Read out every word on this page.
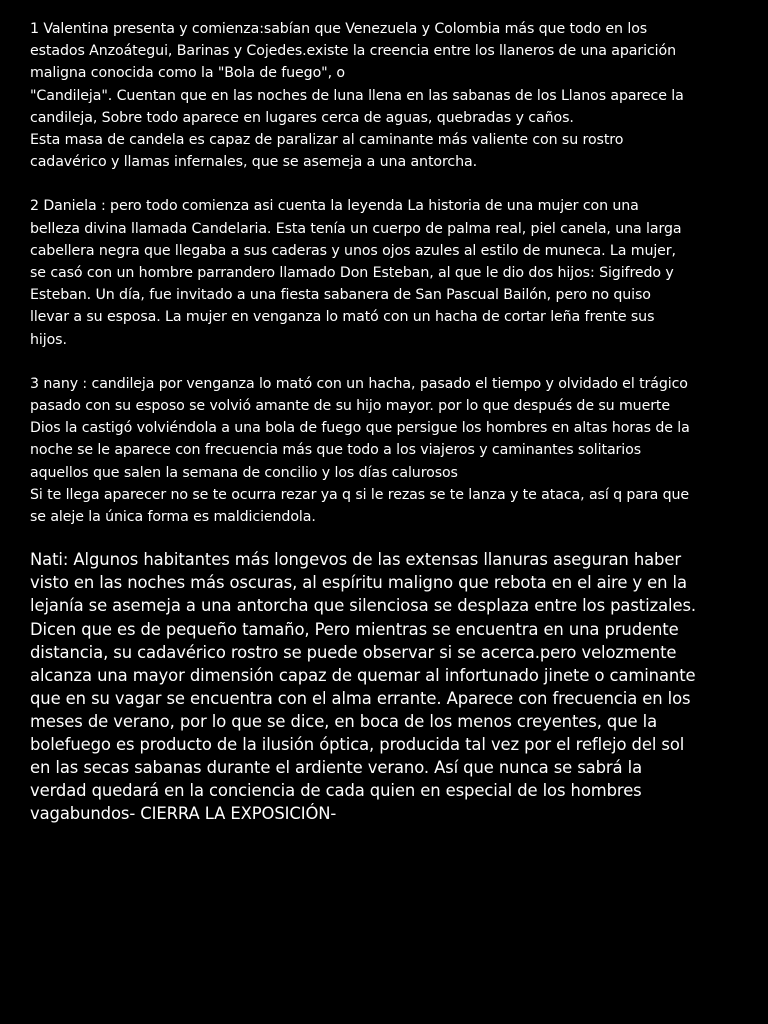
1 Valentina presenta y comienza:sabían que Venezuela y Colombia más que todo en los
estados Anzoátegui, Barinas y Cojedes.existe la creencia entre los llaneros de una aparición
maligna conocida como la "Bola de fuego", o
"Candileja". Cuentan que en las noches de luna llena en las sabanas de los Llanos aparece la
candileja, Sobre todo aparece en lugares cerca de aguas, quebradas y caños.
Esta masa de candela es capaz de paralizar al caminante más valiente con su rostro
cadavérico y llamas infernales, que se asemeja a una antorcha.

2 Daniela : pero todo comienza asi cuenta la leyenda La historia de una mujer con una
belleza divina llamada Candelaria. Esta tenía un cuerpo de palma real, piel canela, una larga
cabellera negra que llegaba a sus caderas y unos ojos azules al estilo de muneca. La mujer,
se casó con un hombre parrandero llamado Don Esteban, al que le dio dos hijos: Sigifredo y
Esteban. Un día, fue invitado a una fiesta sabanera de San Pascual Bailón, pero no quiso
llevar a su esposa. La mujer en venganza lo mató con un hacha de cortar leña frente sus
hijos.

3 nany : candileja por venganza lo mató con un hacha, pasado el tiempo y olvidado el trágico
pasado con su esposo se volvió amante de su hijo mayor. por lo que después de su muerte
Dios la castigó volviéndola a una bola de fuego que persigue los hombres en altas horas de la
noche se le aparece con frecuencia más que todo a los viajeros y caminantes solitarios
aquellos que salen la semana de concilio y los días calurosos
Si te llega aparecer no se te ocurra rezar ya q si le rezas se te lanza y te ataca, así q para que
se aleje la única forma es maldiciendola.

Nati: Algunos habitantes más longevos de las extensas llanuras aseguran haber
visto en las noches más oscuras, al espíritu maligno que rebota en el aire y en la
lejanía se asemeja a una antorcha que silenciosa se desplaza entre los pastizales.
Dicen que es de pequeño tamaño, Pero mientras se encuentra en una prudente
distancia, su cadavérico rostro se puede observar si se acerca.pero velozmente
alcanza una mayor dimensión capaz de quemar al infortunado jinete o caminante
que en su vagar se encuentra con el alma errante. Aparece con frecuencia en los
meses de verano, por lo que se dice, en boca de los menos creyentes, que la
bolefuego es producto de la ilusión óptica, producida tal vez por el reflejo del sol
en las secas sabanas durante el ardiente verano. Así que nunca se sabrá la
verdad quedará en la conciencia de cada quien en especial de los hombres
vagabundos- CIERRA LA EXPOSICIÓN-
